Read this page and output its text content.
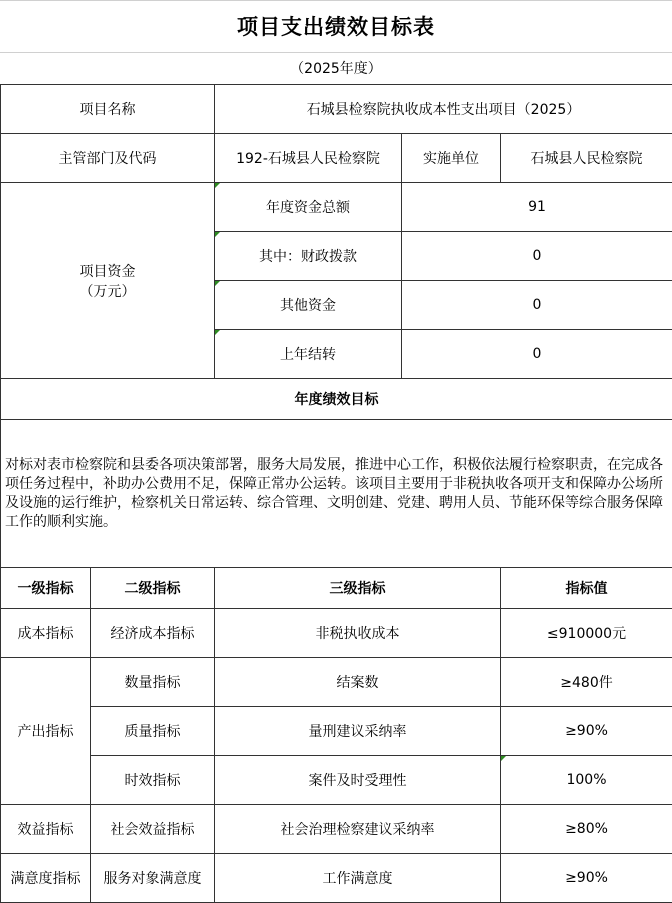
项目支出绩效目标表
（2025年度）
项目名称		石城县检察院执收成本性支出项目（2025）		
主管部门及代码		192-石城县人民检察院	实施单位	石城县人民检察院

项目资金
（万元）		年度资金总额	91	
		其中：财政拨款	0	
		其他资金	0	
		上年结转	0	
年度绩效目标				
对标对表市检察院和县委各项决策部署，服务大局发展，推进中心工作，积极依法履行检察职责，在完成各项任务过程中，补助办公费用不足，保障正常办公运转。该项目主要用于非税执收各项开支和保障办公场所及设施的运行维护，检察机关日常运转、综合管理、文明创建、党建、聘用人员、节能环保等综合服务保障工作的顺利实施。				
一级指标	二级指标	三级指标		指标值
成本指标	经济成本指标	非税执收成本		≤910000元
产出指标	数量指标	结案数		≥480件
	质量指标	量刑建议采纳率		≥90%
	时效指标	案件及时受理性		100%
效益指标	社会效益指标	社会治理检察建议采纳率		≥80%
满意度指标	服务对象满意度	工作满意度		≥90%
